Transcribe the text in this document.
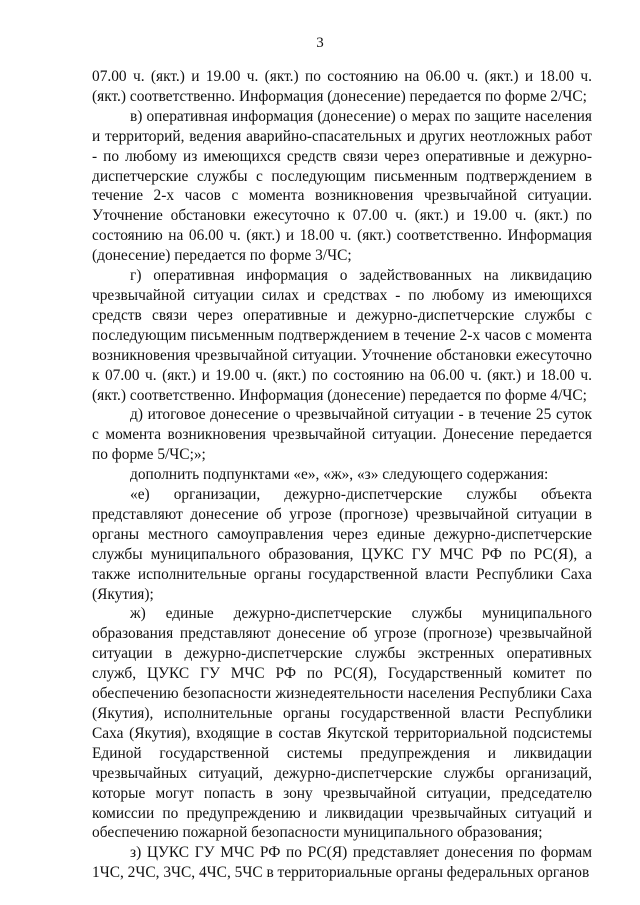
3

07.00 ч. (якт.) и 19.00 ч. (якт.) по состоянию на 06.00 ч. (якт.) и 18.00 ч. (якт.) соответственно. Информация (донесение) передается по форме 2/ЧС;

в) оперативная информация (донесение) о мерах по защите населения и территорий, ведения аварийно-спасательных и других неотложных работ - по любому из имеющихся средств связи через оперативные и дежурно-диспетчерские службы с последующим письменным подтверждением в течение 2-х часов с момента возникновения чрезвычайной ситуации. Уточнение обстановки ежесуточно к 07.00 ч. (якт.) и 19.00 ч. (якт.) по состоянию на 06.00 ч. (якт.) и 18.00 ч. (якт.) соответственно. Информация (донесение) передается по форме 3/ЧС;

г) оперативная информация о задействованных на ликвидацию чрезвычайной ситуации силах и средствах - по любому из имеющихся средств связи через оперативные и дежурно-диспетчерские службы с последующим письменным подтверждением в течение 2-х часов с момента возникновения чрезвычайной ситуации. Уточнение обстановки ежесуточно к 07.00 ч. (якт.) и 19.00 ч. (якт.) по состоянию на 06.00 ч. (якт.) и 18.00 ч. (якт.) соответственно. Информация (донесение) передается по форме 4/ЧС;

д) итоговое донесение о чрезвычайной ситуации - в течение 25 суток с момента возникновения чрезвычайной ситуации. Донесение передается по форме 5/ЧС;»;

дополнить подпунктами «е», «ж», «з» следующего содержания:

«е) организации, дежурно-диспетчерские службы объекта представляют донесение об угрозе (прогнозе) чрезвычайной ситуации в органы местного самоуправления через единые дежурно-диспетчерские службы муниципального образования, ЦУКС ГУ МЧС РФ по РС(Я), а также исполнительные органы государственной власти Республики Саха (Якутия);

ж) единые дежурно-диспетчерские службы муниципального образования представляют донесение об угрозе (прогнозе) чрезвычайной ситуации в дежурно-диспетчерские службы экстренных оперативных служб, ЦУКС ГУ МЧС РФ по РС(Я), Государственный комитет по обеспечению безопасности жизнедеятельности населения Республики Саха (Якутия), исполнительные органы государственной власти Республики Саха (Якутия), входящие в состав Якутской территориальной подсистемы Единой государственной системы предупреждения и ликвидации чрезвычайных ситуаций, дежурно-диспетчерские службы организаций, которые могут попасть в зону чрезвычайной ситуации, председателю комиссии по предупреждению и ликвидации чрезвычайных ситуаций и обеспечению пожарной безопасности муниципального образования;

з) ЦУКС ГУ МЧС РФ по РС(Я) представляет донесения по формам 1ЧС, 2ЧС, 3ЧС, 4ЧС, 5ЧС в территориальные органы федеральных органов
